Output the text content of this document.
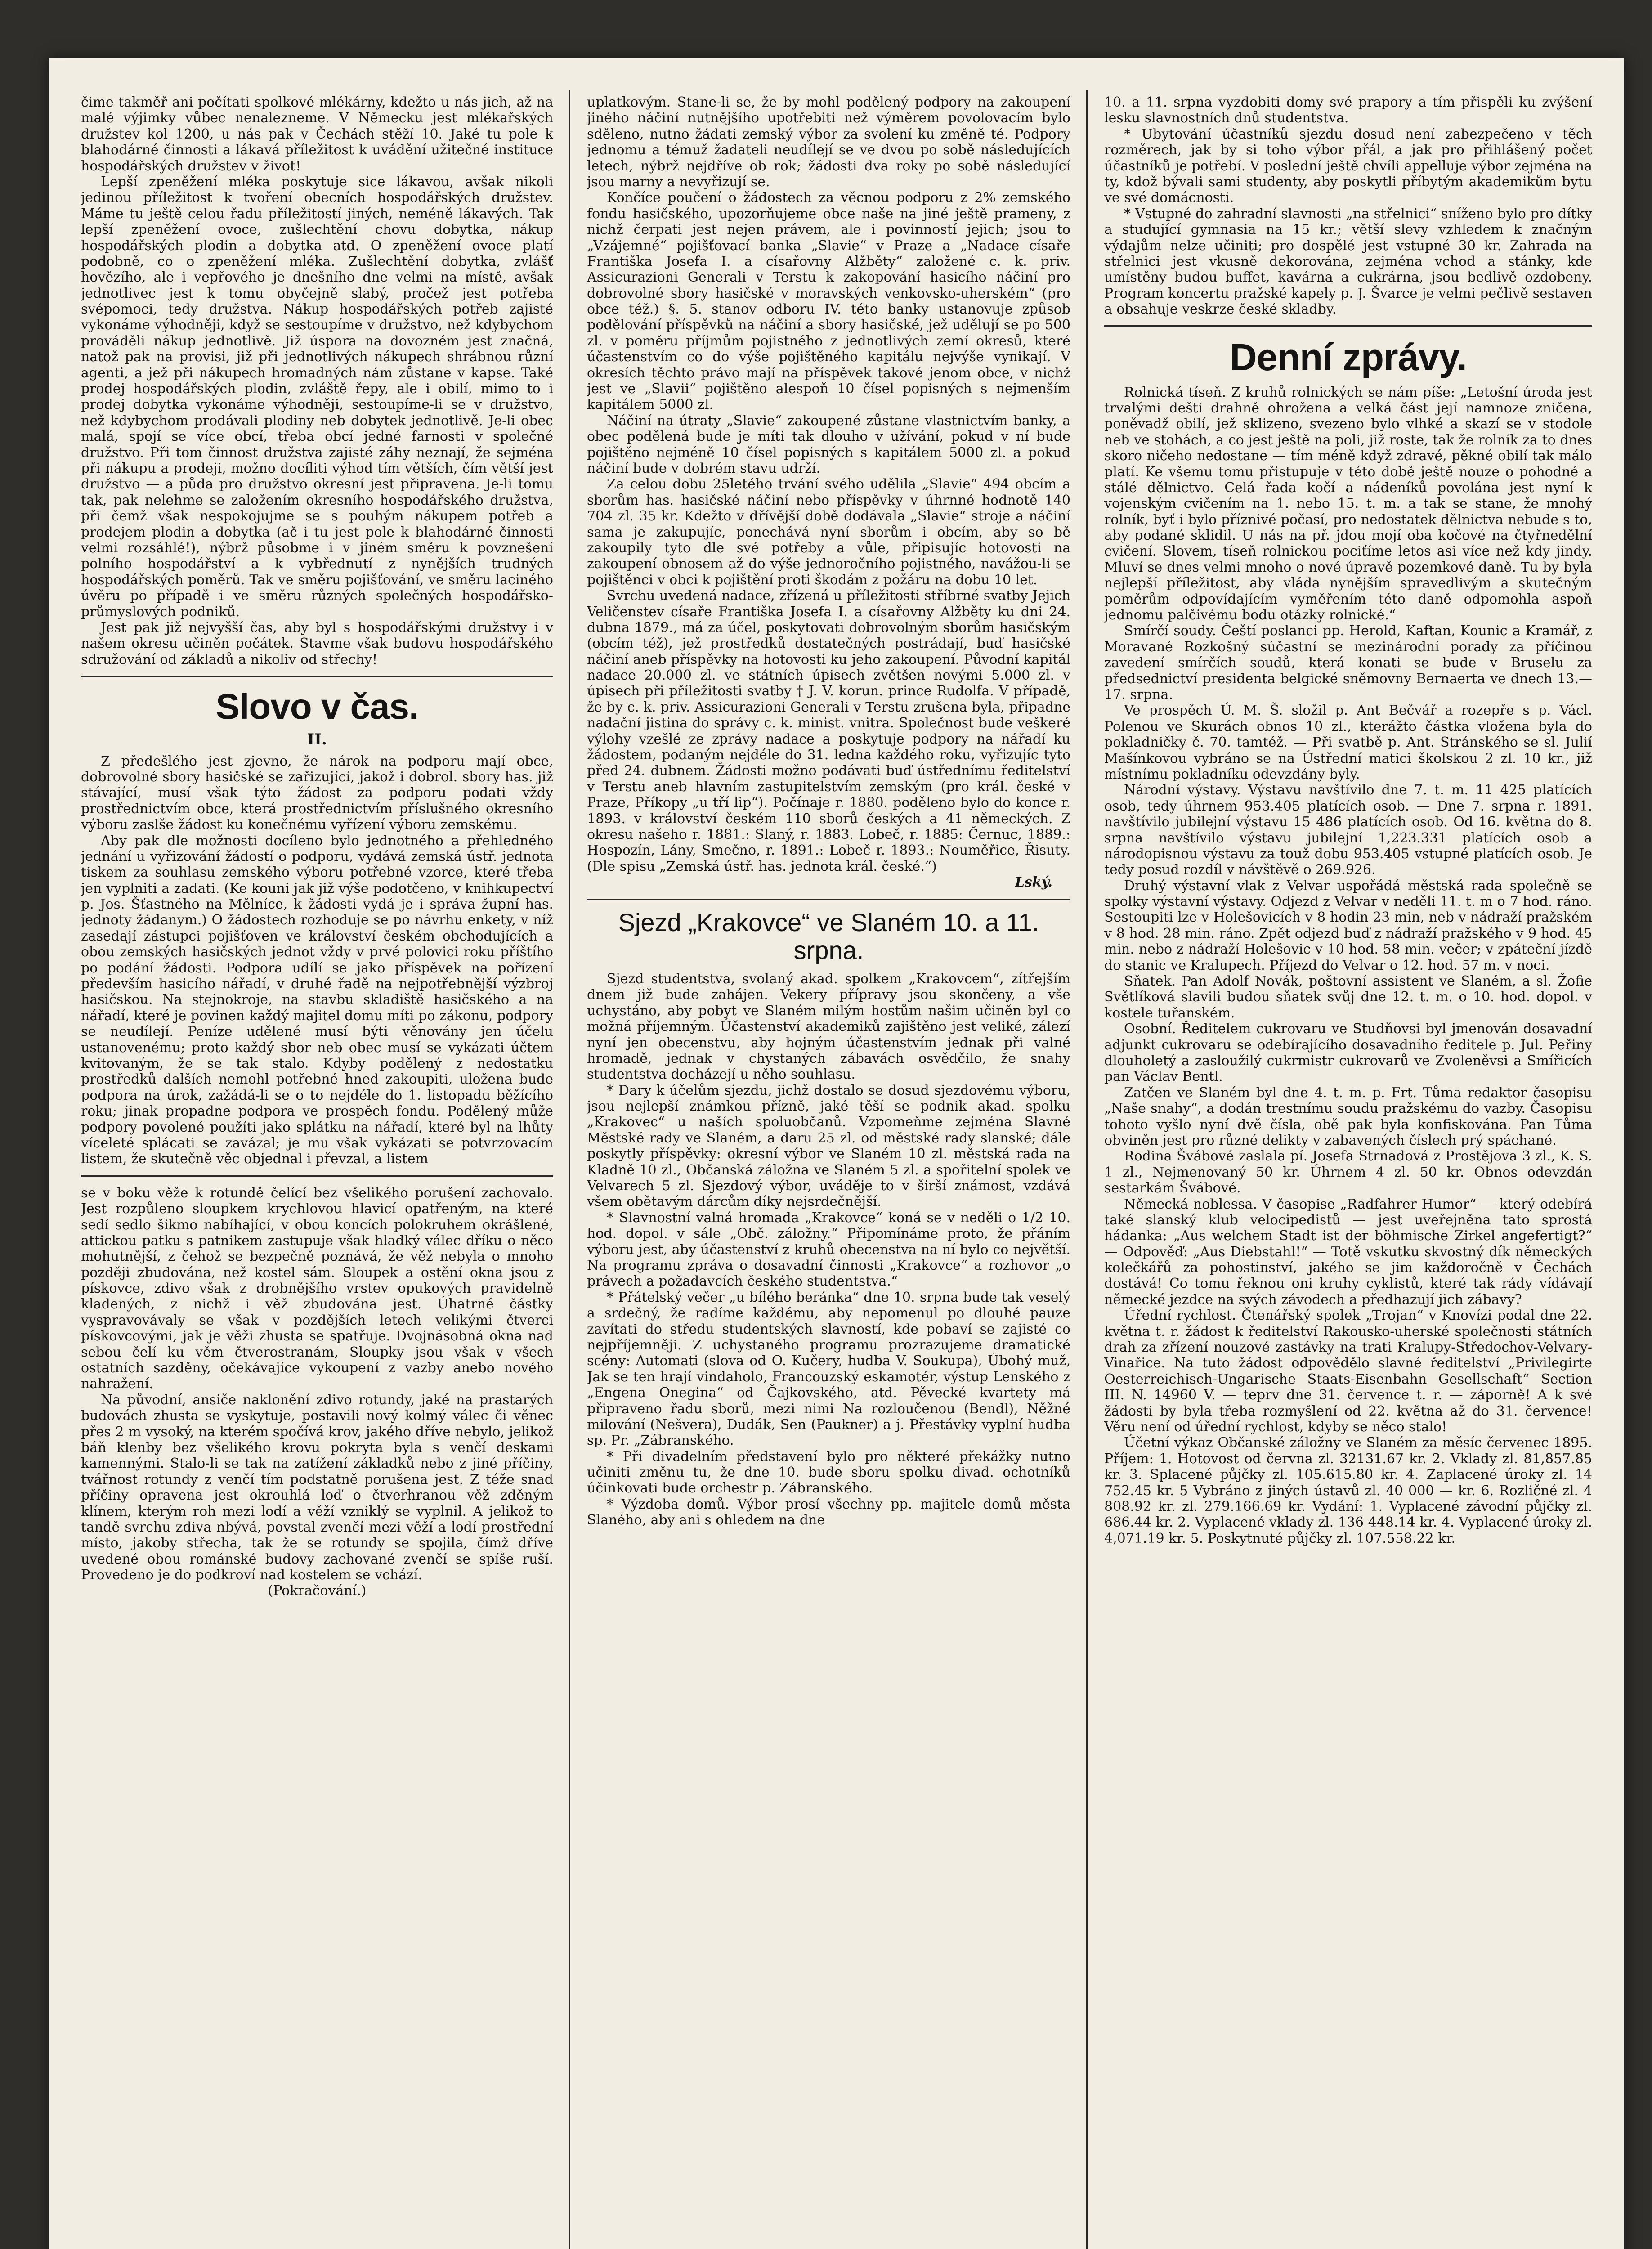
čime takměř ani počítati spolkové mlékárny, kdežto u nás jich, až na malé výjimky vůbec nenalezneme. V Německu jest mlékařských družstev kol 1200, u nás pak v Čechách stěží 10. Jaké tu pole k blahodárné činnosti a lákavá příležitost k uvádění užitečné instituce hospodářských družstev v život!

Lepší zpeněžení mléka poskytuje sice lákavou, avšak nikoli jedinou příležitost k tvoření obecních hospodářských družstev. Máme tu ještě celou řadu příležitostí jiných, neméně lákavých. Tak lepší zpeněžení ovoce, zušlechtění chovu dobytka, nákup hospodářských plodin a dobytka atd. O zpeněžení ovoce platí podobně, co o zpeněžení mléka. Zušlechtění dobytka, zvlášť hovězího, ale i vepřového je dnešního dne velmi na místě, avšak jednotlivec jest k tomu obyčejně slabý, pročež jest potřeba svépomoci, tedy družstva. Nákup hospodářských potřeb zajisté vykonáme výhodněji, když se sestoupíme v družstvo, než kdybychom prováděli nákup jednotlivě. Již úspora na dovozném jest značná, natož pak na provisi, již při jednotlivých nákupech shrábnou různí agenti, a jež při nákupech hromadných nám zůstane v kapse. Také prodej hospodářských plodin, zvláště řepy, ale i obilí, mimo to i prodej dobytka vykonáme výhodněji, sestoupíme-li se v družstvo, než kdybychom prodávali plodiny neb dobytek jednotlivě. Je-li obec malá, spojí se více obcí, třeba obcí jedné farnosti v společné družstvo. Při tom činnost družstva zajisté záhy neznají, že sejména při nákupu a prodeji, možno docíliti výhod tím větších, čím větší jest družstvo — a půda pro družstvo okresní jest připravena. Je-li tomu tak, pak nelehme se založením okresního hospodářského družstva, při čemž však nespokojujme se s pouhým nákupem potřeb a prodejem plodin a dobytka (ač i tu jest pole k blahodárné činnosti velmi rozsáhlé!), nýbrž působme i v jiném směru k povznešení polního hospodářství a k vybřednutí z nynějších trudných hospodářských poměrů. Tak ve směru pojišťování, ve směru laciného úvěru po případě i ve směru různých společných hospodářsko-průmyslových podniků.

Jest pak již nejvyšší čas, aby byl s hospodářskými družstvy i v našem okresu učiněn počátek. Stavme však budovu hospodářského sdružování od základů a nikoliv od střechy!

Slovo v čas.
II.

Z předešlého jest zjevno, že nárok na podporu mají obce, dobrovolné sbory hasičské se zařizující, jakož i dobrol. sbory has. již stávající, musí však týto žádost za podporu podati vždy prostřednictvím obce, která prostřednictvím příslušného okresního výboru zaslše žádost ku konečnému vyřízení výboru zemskému.

Aby pak dle možnosti docíleno bylo jednotného a přehledného jednání u vyřizování žádostí o podporu, vydává zemská ústř. jednota tiskem za souhlasu zemského výboru potřebné vzorce, které třeba jen vyplniti a zadati. (Ke kouni jak již výše podotčeno, v knihkupectví p. Jos. Šťastného na Mělníce, k žádosti vydá je i správa župní has. jednoty žádanym.) O žádostech rozhoduje se po návrhu enkety, v níž zasedají zástupci pojišťoven ve království českém obchodujících a obou zemských hasičských jednot vždy v prvé polovici roku příštího po podání žádosti. Podpora udílí se jako příspěvek na pořízení především hasicího nářadí, v druhé řadě na nejpotřebnější výzbroj hasičskou. Na stejnokroje, na stavbu skladiště hasičského a na nářadí, které je povinen každý majitel domu míti po zákonu, podpory se neudílejí. Peníze udělené musí býti věnovány jen účelu ustanovenému; proto každý sbor neb obec musí se vykázati účtem kvitovaným, že se tak stalo. Kdyby podělený z nedostatku prostředků dalších nemohl potřebné hned zakoupiti, uložena bude podpora na úrok, zažádá-li se o to nejdéle do 1. listopadu běžícího roku; jinak propadne podpora ve prospěch fondu. Podělený může podpory povolené použíti jako splátku na nářadí, které byl na lhůty víceleté splácati se zavázal; je mu však vykázati se potvrzovacím listem, že skutečně věc objednal i převzal, a listem

se v boku věže k rotundě čelící bez všelikého porušení zachovalo. Jest rozpůleno sloupkem krychlovou hlavicí opatřeným, na které sedí sedlo šikmo nabíhající, v obou koncích polokruhem okrášlené, attickou patku s patnikem zastupuje však hladký válec dříku o něco mohutnější, z čehož se bezpečně poznává, že věž nebyla o mnoho později zbudována, než kostel sám. Sloupek a ostění okna jsou z pískovce, zdivo však z drobnějšího vrstev opukových pravidelně kladených, z nichž i věž zbudována jest. Úhatrné částky vyspravovávaly se však v pozdějších letech velikými čtverci pískovcovými, jak je věži zhusta se spatřuje. Dvojnásobná okna nad sebou čelí ku věm čtverostranám, Sloupky jsou však v všech ostatních sazděny, očekávajíce vykoupení z vazby anebo nového nahražení.

Na původní, ansiče naklonění zdivo rotundy, jaké na prastarých budovách zhusta se vyskytuje, postavili nový kolmý válec či věnec přes 2 m vysoký, na kterém spočívá krov, jakého dříve nebylo, jelikož báň klenby bez všelikého krovu pokryta byla s venčí deskami kamennými. Stalo-li se tak na zatížení základků nebo z jiné příčiny, tvářnost rotundy z venčí tím podstatně porušena jest. Z téže snad příčiny opravena jest okrouhlá loď o čtverhranou věž zděným klínem, kterým roh mezi lodí a věží vzniklý se vyplnil. A jelikož to tandě svrchu zdiva nbývá, povstal zvenčí mezi věží a lodí prostřední místo, jakoby střecha, tak že se rotundy se spojila, čímž dříve uvedené obou románské budovy zachované zvenčí se spíše ruší. Provedeno je do podkroví nad kostelem se vchází.

(Pokračování.)

uplatkovým. Stane-li se, že by mohl podělený podpory na zakoupení jiného náčiní nutnějšího upotřebiti než výměrem povolovacím bylo sděleno, nutno žádati zemský výbor za svolení ku změně té. Podpory jednomu a témuž žadateli neudílejí se ve dvou po sobě následujících letech, nýbrž nejdříve ob rok; žádosti dva roky po sobě následující jsou marny a nevyřizují se.

Končíce poučení o žádostech za věcnou podporu z 2% zemského fondu hasičského, upozorňujeme obce naše na jiné ještě prameny, z nichž čerpati jest nejen právem, ale i povinností jejich; jsou to „Vzájemné“ pojišťovací banka „Slavie“ v Praze a „Nadace císaře Františka Josefa I. a císařovny Alžběty“ založené c. k. priv. Assicurazioni Generali v Terstu k zakopování hasicího náčiní pro dobrovolné sbory hasičské v moravských venkovsko-uherském“ (pro obce též.) §. 5. stanov odboru IV. této banky ustanovuje způsob podělování příspěvků na náčiní a sbory hasičské, jež udělují se po 500 zl. v poměru příjmům pojistného z jednotlivých zemí okresů, které účastenstvím co do výše pojištěného kapitálu nejvýše vynikají. V okresích těchto právo mají na příspěvek takové jenom obce, v nichž jest ve „Slavii“ pojištěno alespoň 10 čísel popisných s nejmenším kapitálem 5000 zl.

Náčiní na útraty „Slavie“ zakoupené zůstane vlastnictvím banky, a obec podělená bude je míti tak dlouho v užívání, pokud v ní bude pojištěno nejméně 10 čísel popisných s kapitálem 5000 zl. a pokud náčiní bude v dobrém stavu udrží.

Za celou dobu 25letého trvání svého udělila „Slavie“ 494 obcím a sborům has. hasičské náčiní nebo příspěvky v úhrnné hodnotě 140 704 zl. 35 kr. Kdežto v dřívější době dodávala „Slavie“ stroje a náčiní sama je zakupujíc, ponechává nyní sborům i obcím, aby so bě zakoupily tyto dle své potřeby a vůle, připisujíc hotovosti na zakoupení obnosem až do výše jednoročního pojistného, navážou-li se pojištěnci v obci k pojištění proti škodám z požáru na dobu 10 let.

Svrchu uvedená nadace, zřízená u příležitosti stříbrné svatby Jejich Veličenstev císaře Františka Josefa I. a císařovny Alžběty ku dni 24. dubna 1879., má za účel, poskytovati dobrovolným sborům hasičským (obcím též), jež prostředků dostatečných postrádají, buď hasičské náčiní aneb příspěvky na hotovosti ku jeho zakoupení. Původní kapitál nadace 20.000 zl. ve státních úpisech zvětšen novými 5.000 zl. v úpisech při příležitosti svatby † J. V. korun. prince Rudolfa. V případě, že by c. k. priv. Assicurazioni Generali v Terstu zrušena byla, připadne nadační jistina do správy c. k. minist. vnitra. Společnost bude veškeré výlohy vzešlé ze zprávy nadace a poskytuje podpory na nářadí ku žádostem, podaným nejdéle do 31. ledna každého roku, vyřizujíc tyto před 24. dubnem. Žádosti možno podávati buď ústřednímu ředitelství v Terstu aneb hlavním zastupitelstvím zemským (pro král. české v Praze, Příkopy „u tří lip“). Počínaje r. 1880. poděleno bylo do konce r. 1893. v království českém 110 sborů českých a 41 německých. Z okresu našeho r. 1881.: Slaný, r. 1883. Lobeč, r. 1885: Černuc, 1889.: Hospozín, Lány, Smečno, r. 1891.: Lobeč r. 1893.: Nouměřice, Řisuty. (Dle spisu „Zemská ústř. has. jednota král. české.“)

Lský.
Sjezd „Krakovce“ ve Slaném 10. a 11. srpna.

Sjezd studentstva, svolaný akad. spolkem „Krakovcem“, zítřejším dnem již bude zahájen. Vekery přípravy jsou skončeny, a vše uchystáno, aby pobyt ve Slaném milým hostům našim učiněn byl co možná příjemným. Účastenství akademiků zajištěno jest veliké, zálezí nyní jen obecenstvu, aby hojným účastenstvím jednak při valné hromadě, jednak v chystaných zábavách osvědčilo, že snahy studentstva docházejí u něho souhlasu.

* Dary k účelům sjezdu, jichž dostalo se dosud sjezdovému výboru, jsou nejlepší známkou přízně, jaké těší se podnik akad. spolku „Krakovec“ u naších spoluobčanů. Vzpomeňme zejména Slavné Městské rady ve Slaném, a daru 25 zl. od městské rady slanské; dále poskytly příspěvky: okresní výbor ve Slaném 10 zl. městská rada na Kladně 10 zl., Občanská záložna ve Slaném 5 zl. a spořitelní spolek ve Velvarech 5 zl. Sjezdový výbor, uváděje to v širší známost, vzdává všem obětavým dárcům díky nejsrdečnější.

* Slavnostní valná hromada „Krakovce“ koná se v neděli o 1/2 10. hod. dopol. v sále „Obč. záložny.“ Připomínáme proto, že přáním výboru jest, aby účastenství z kruhů obecenstva na ní bylo co největší. Na programu zpráva o dosavadní činnosti „Krakovce“ a rozhovor „o právech a požadavcích českého studentstva.“

* Přátelský večer „u bílého beránka“ dne 10. srpna bude tak veselý a srdečný, že radíme každému, aby nepomenul po dlouhé pauze zavítati do středu studentských slavností, kde pobaví se zajisté co nejpříjemněji. Z uchystaného programu prozrazujeme dramatické scény: Automati (slova od O. Kučery, hudba V. Soukupa), Úbohý muž, Jak se ten hrají vindaholo, Francouzský eskamotér, výstup Lenského z „Engena Onegina“ od Čajkovského, atd. Pěvecké kvartety má připraveno řadu sborů, mezi nimi Na rozloučenou (Bendl), Něžné milování (Nešvera), Dudák, Sen (Paukner) a j. Přestávky vyplní hudba sp. Pr. „Zábranského.

* Při divadelním představení bylo pro některé překážky nutno učiniti změnu tu, že dne 10. bude sboru spolku divad. ochotníků účinkovati bude orchestr p. Zábranského.

* Výzdoba domů. Výbor prosí všechny pp. majitele domů města Slaného, aby ani s ohledem na dne

10. a 11. srpna vyzdobiti domy své prapory a tím přispěli ku zvýšení lesku slavnostních dnů studentstva.

* Ubytování účastníků sjezdu dosud není zabezpečeno v těch rozměrech, jak by si toho výbor přál, a jak pro přihlášený počet účastníků je potřebí. V poslední ještě chvíli appelluje výbor zejména na ty, kdož bývali sami studenty, aby poskytli příbytým akademikům bytu ve své domácnosti.

* Vstupné do zahradní slavnosti „na střelnici“ sníženo bylo pro dítky a studující gymnasia na 15 kr.; větší slevy vzhledem k značným výdajům nelze učiniti; pro dospělé jest vstupné 30 kr. Zahrada na střelnici jest vkusně dekorována, zejména vchod a stánky, kde umístěny budou buffet, kavárna a cukrárna, jsou bedlivě ozdobeny. Program koncertu pražské kapely p. J. Švarce je velmi pečlivě sestaven a obsahuje veskrze české skladby.

Denní zprávy.

Rolnická tíseň. Z kruhů rolnických se nám píše: „Letošní úroda jest trvalými dešti drahně ohrožena a velká část její namnoze zničena, poněvadž obilí, jež sklizeno, svezeno bylo vlhké a skazí se v stodole neb ve stohách, a co jest ještě na poli, již roste, tak že rolník za to dnes skoro ničeho nedostane — tím méně když zdravé, pěkné obilí tak málo platí. Ke všemu tomu přistupuje v této době ještě nouze o pohodné a stálé dělnictvo. Celá řada kočí a nádeníků povolána jest nyní k vojenským cvičením na 1. nebo 15. t. m. a tak se stane, že mnohý rolník, byť i bylo příznivé počasí, pro nedostatek dělnictva nebude s to, aby podané sklidil. U nás na př. jdou mojí oba kočové na čtyřnedělní cvičení. Slovem, tíseň rolnickou pociťíme letos asi více než kdy jindy. Mluví se dnes velmi mnoho o nové úpravě pozemkové daně. Tu by byla nejlepší příležitost, aby vláda nynějším spravedlivým a skutečným poměrům odpovídajícím vyměřením této daně odpomohla aspoň jednomu palčivému bodu otázky rolnické.“

Smírčí soudy. Čeští poslanci pp. Herold, Kaftan, Kounic a Kramář, z Moravané Rozkošný súčastní se mezinárodní porady za příčinou zavedení smírčích soudů, která konati se bude v Bruselu za předsednictví presidenta belgické sněmovny Bernaerta ve dnech 13.—17. srpna.

Ve prospěch Ú. M. Š. složil p. Ant Bečvář a rozepře s p. Václ. Polenou ve Skurách obnos 10 zl., kterážto částka vložena byla do pokladničky č. 70. tamtéž. — Při svatbě p. Ant. Stránského se sl. Julií Mašínkovou vybráno se na Ústřední matici školskou 2 zl. 10 kr., již místnímu pokladníku odevzdány byly.

Národní výstavy. Výstavu navštívilo dne 7. t. m. 11 425 platících osob, tedy úhrnem 953.405 platících osob. — Dne 7. srpna r. 1891. navštívilo jubilejní výstavu 15 486 platících osob. Od 16. května do 8. srpna navštívilo výstavu jubilejní 1,223.331 platících osob a národopisnou výstavu za touž dobu 953.405 vstupné platících osob. Je tedy posud rozdíl v návštěvě o 269.926.

Druhý výstavní vlak z Velvar uspořádá městská rada společně se spolky výstavní výstavy. Odjezd z Velvar v neděli 11. t. m o 7 hod. ráno. Sestoupiti lze v Holešovicích v 8 hodin 23 min, neb v nádraží pražském v 8 hod. 28 min. ráno. Zpět odjezd buď z nádraží pražského v 9 hod. 45 min. nebo z nádraží Holešovic v 10 hod. 58 min. večer; v zpáteční jízdě do stanic ve Kralupech. Příjezd do Velvar o 12. hod. 57 m. v noci.

Sňatek. Pan Adolf Novák, poštovní assistent ve Slaném, a sl. Žofie Světlíková slavili budou sňatek svůj dne 12. t. m. o 10. hod. dopol. v kostele tuřanském.

Osobní. Ředitelem cukrovaru ve Studňovsi byl jmenován dosavadní adjunkt cukrovaru se odebírajícího dosavadního ředitele p. Jul. Peřiny dlouholetý a zasloužilý cukrmistr cukrovarů ve Zvoleněvsi a Smířicích pan Václav Bentl.

Zatčen ve Slaném byl dne 4. t. m. p. Frt. Tůma redaktor časopisu „Naše snahy“, a dodán trestnímu soudu pražskému do vazby. Časopisu tohoto vyšlo nyní dvě čísla, obě pak byla konfiskována. Pan Tůma obviněn jest pro různé delikty v zabavených číslech prý spáchané.

Rodina Švábové zaslala pí. Josefa Strnadová z Prostějova 3 zl., K. S. 1 zl., Nejmenovaný 50 kr. Úhrnem 4 zl. 50 kr. Obnos odevzdán sestarkám Švábové.

Německá noblessa. V časopise „Radfahrer Humor“ — který odebírá také slanský klub velocipedistů — jest uveřejněna tato sprostá hádanka: „Aus welchem Stadt ist der böhmische Zirkel angefertigt?“ — Odpověď: „Aus Diebstahl!“ — Totě vskutku skvostný dík německých kolečkářů za pohostinství, jakého se jim každoročně v Čechách dostává! Co tomu řeknou oni kruhy cyklistů, které tak rády vídávají německé jezdce na svých závodech a předhazují jich zábavy?

Úřední rychlost. Čtenářský spolek „Trojan“ v Knovízi podal dne 22. května t. r. žádost k ředitelství Rakousko-uherské společnosti státních drah za zřízení nouzové zastávky na trati Kralupy-Středochov-Velvary-Vinařice. Na tuto žádost odpovědělo slavné ředitelství „Privilegirte Oesterreichisch-Ungarische Staats-Eisenbahn Gesellschaft“ Section III. N. 14960 V. — teprv dne 31. července t. r. — záporně! A k své žádosti by byla třeba rozmyšlení od 22. května až do 31. července! Věru není od úřední rychlost, kdyby se něco stalo!

Účetní výkaz Občanské záložny ve Slaném za měsíc červenec 1895. Příjem: 1. Hotovost od června zl. 32131.67 kr. 2. Vklady zl. 81,857.85 kr. 3. Splacené půjčky zl. 105.615.80 kr. 4. Zaplacené úroky zl. 14 752.45 kr. 5 Vybráno z jiných ústavů zl. 40 000 — kr. 6. Rozličné zl. 4 808.92 kr. zl. 279.166.69 kr. Vydání: 1. Vyplacené závodní půjčky zl. 686.44 kr. 2. Vyplacené vklady zl. 136 448.14 kr. 4. Vyplacené úroky zl. 4,071.19 kr. 5. Poskytnuté půjčky zl. 107.558.22 kr.
